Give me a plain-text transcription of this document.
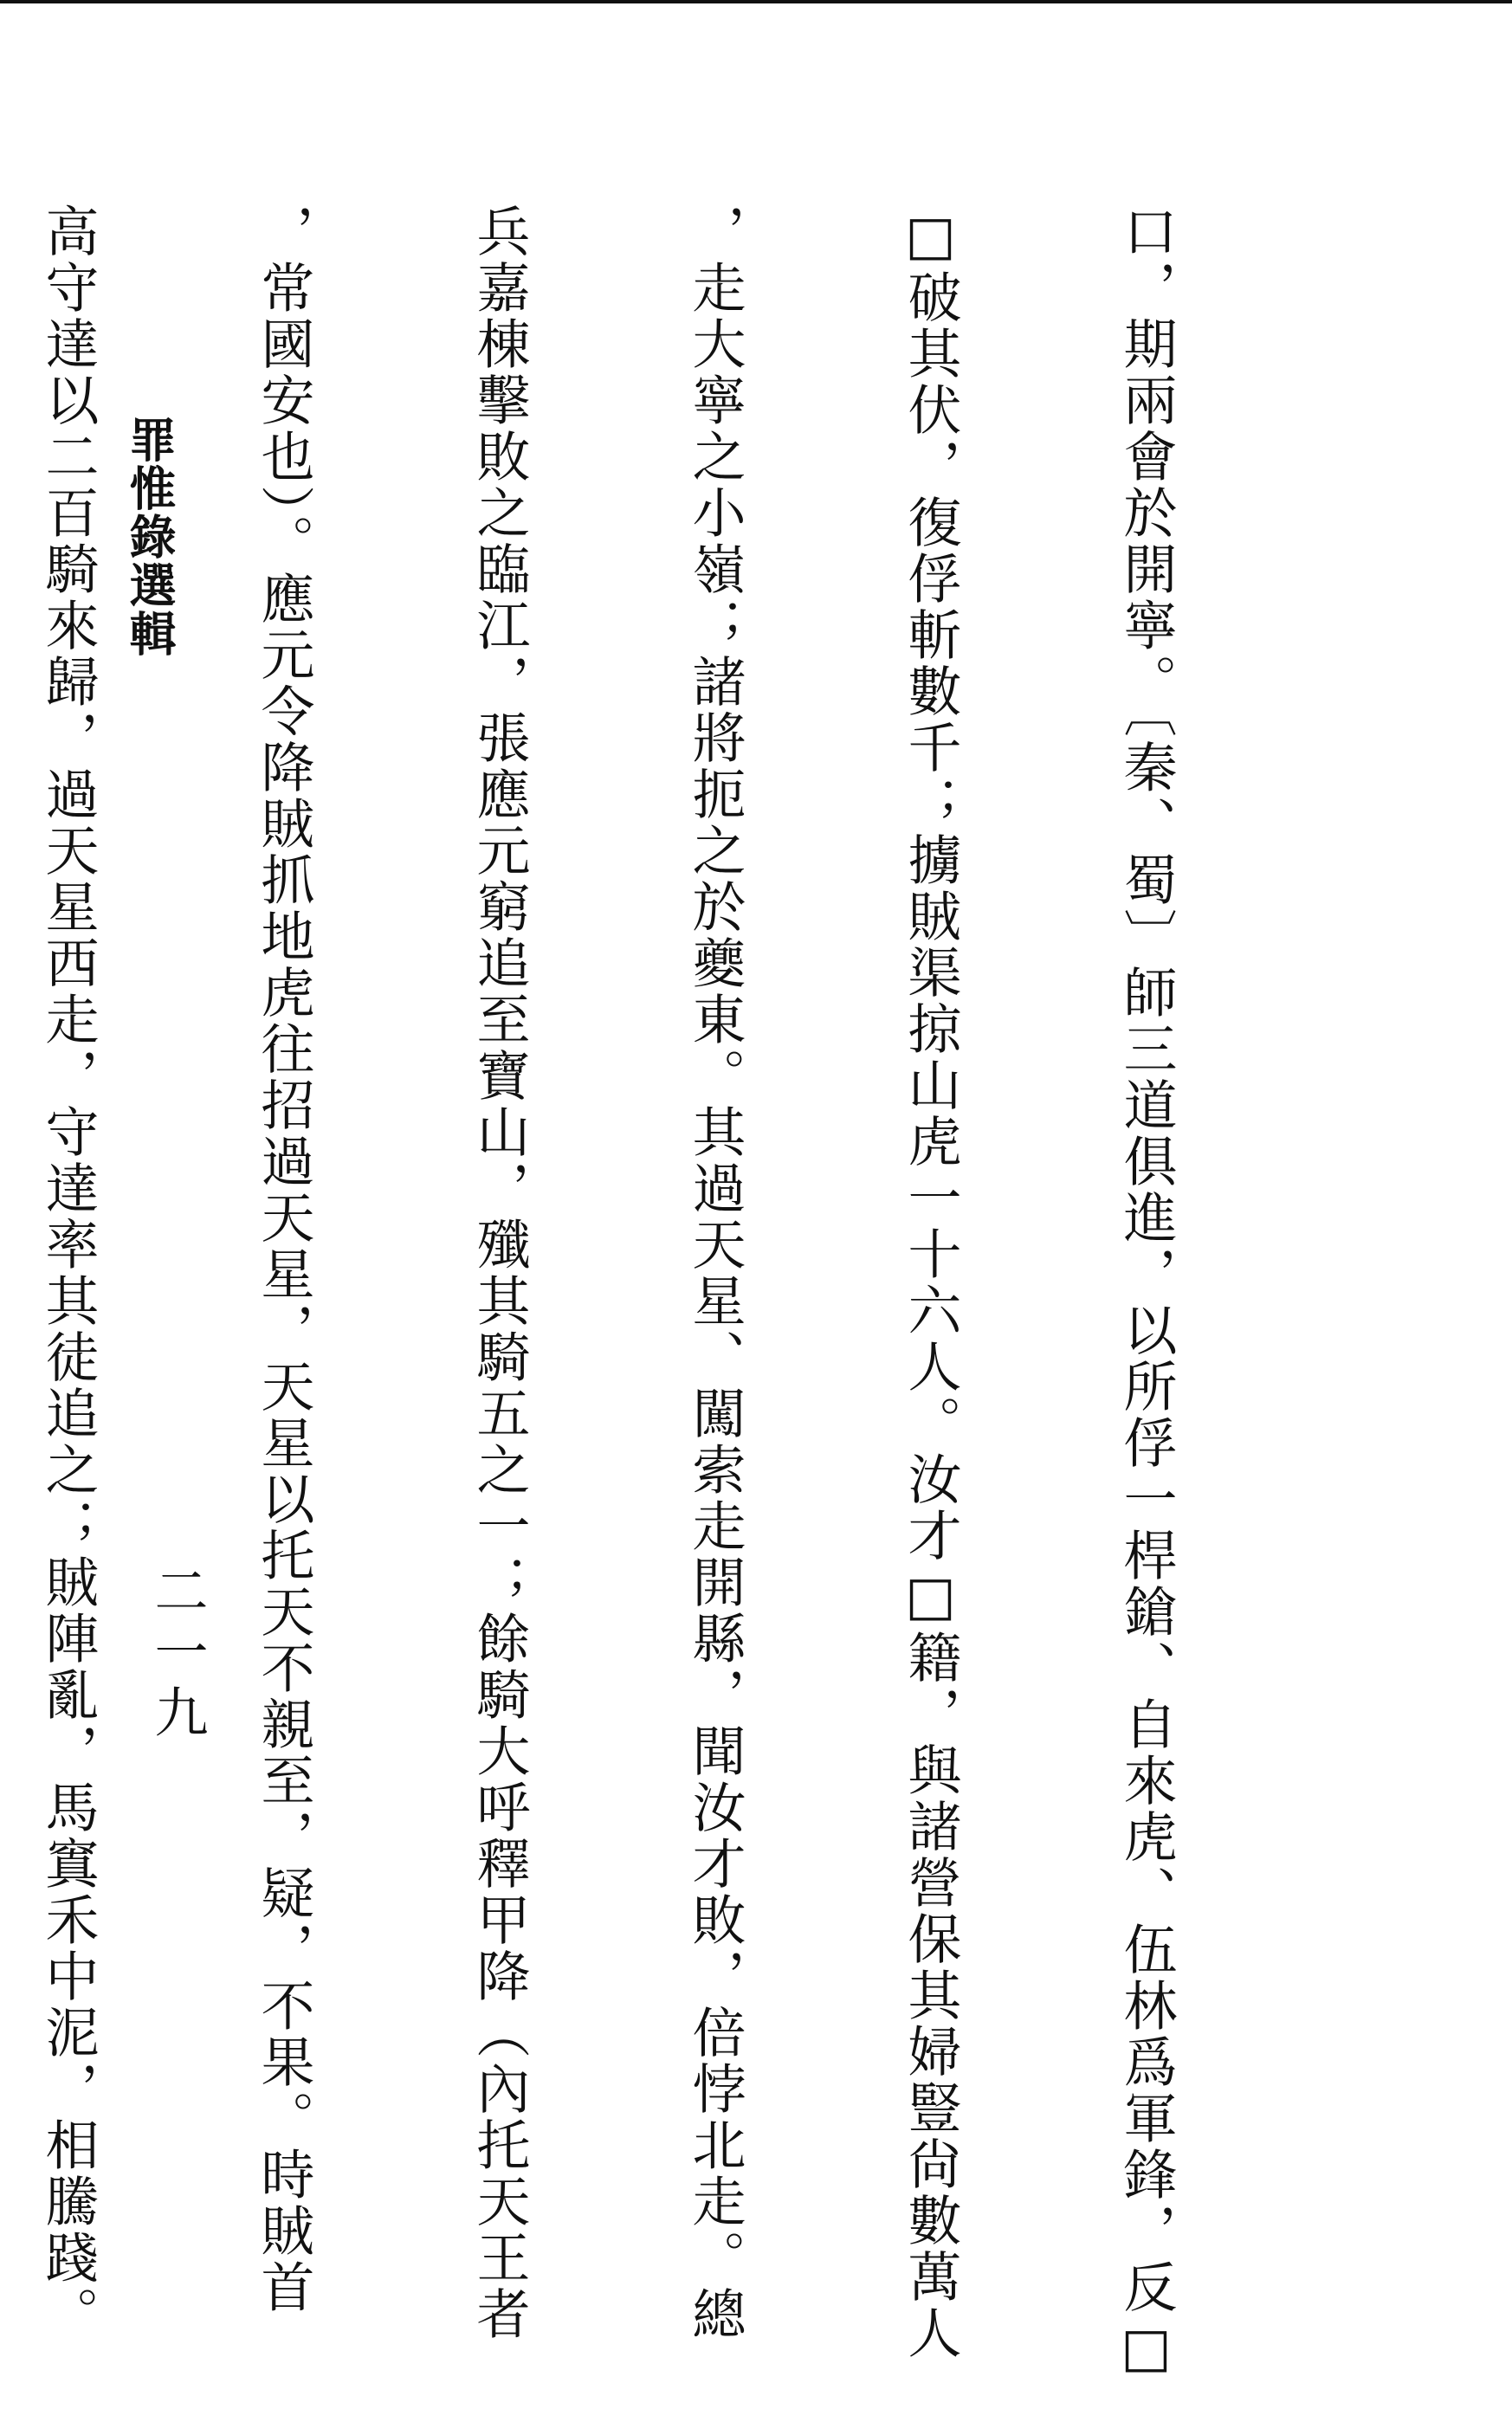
口，期兩會於開寧。〔秦、蜀〕師三道俱進，以所俘一桿鎗、自來虎、伍林爲軍鋒，反□

□破其伏，復俘斬數千；擄賊渠掠山虎一十六人。汝才□籍，與諸營保其婦豎尙數萬人

，走大寧之小嶺；諸將扼之於夔東。其過天星、闖索走開縣，聞汝才敗，倍悖北走。總

兵嘉棟擊敗之臨江，張應元窮追至寶山，殲其騎五之一；餘騎大呼釋甲降（內托天王者

，常國安也）。應元令降賊抓地虎往招過天星，天星以托天不親至，疑，不果。時賊首

高守達以二百騎來歸，過天星西走，守達率其徒追之；賊陣亂，馬窴禾中泥，相騰踐。

二一九
罪惟錄選輯
